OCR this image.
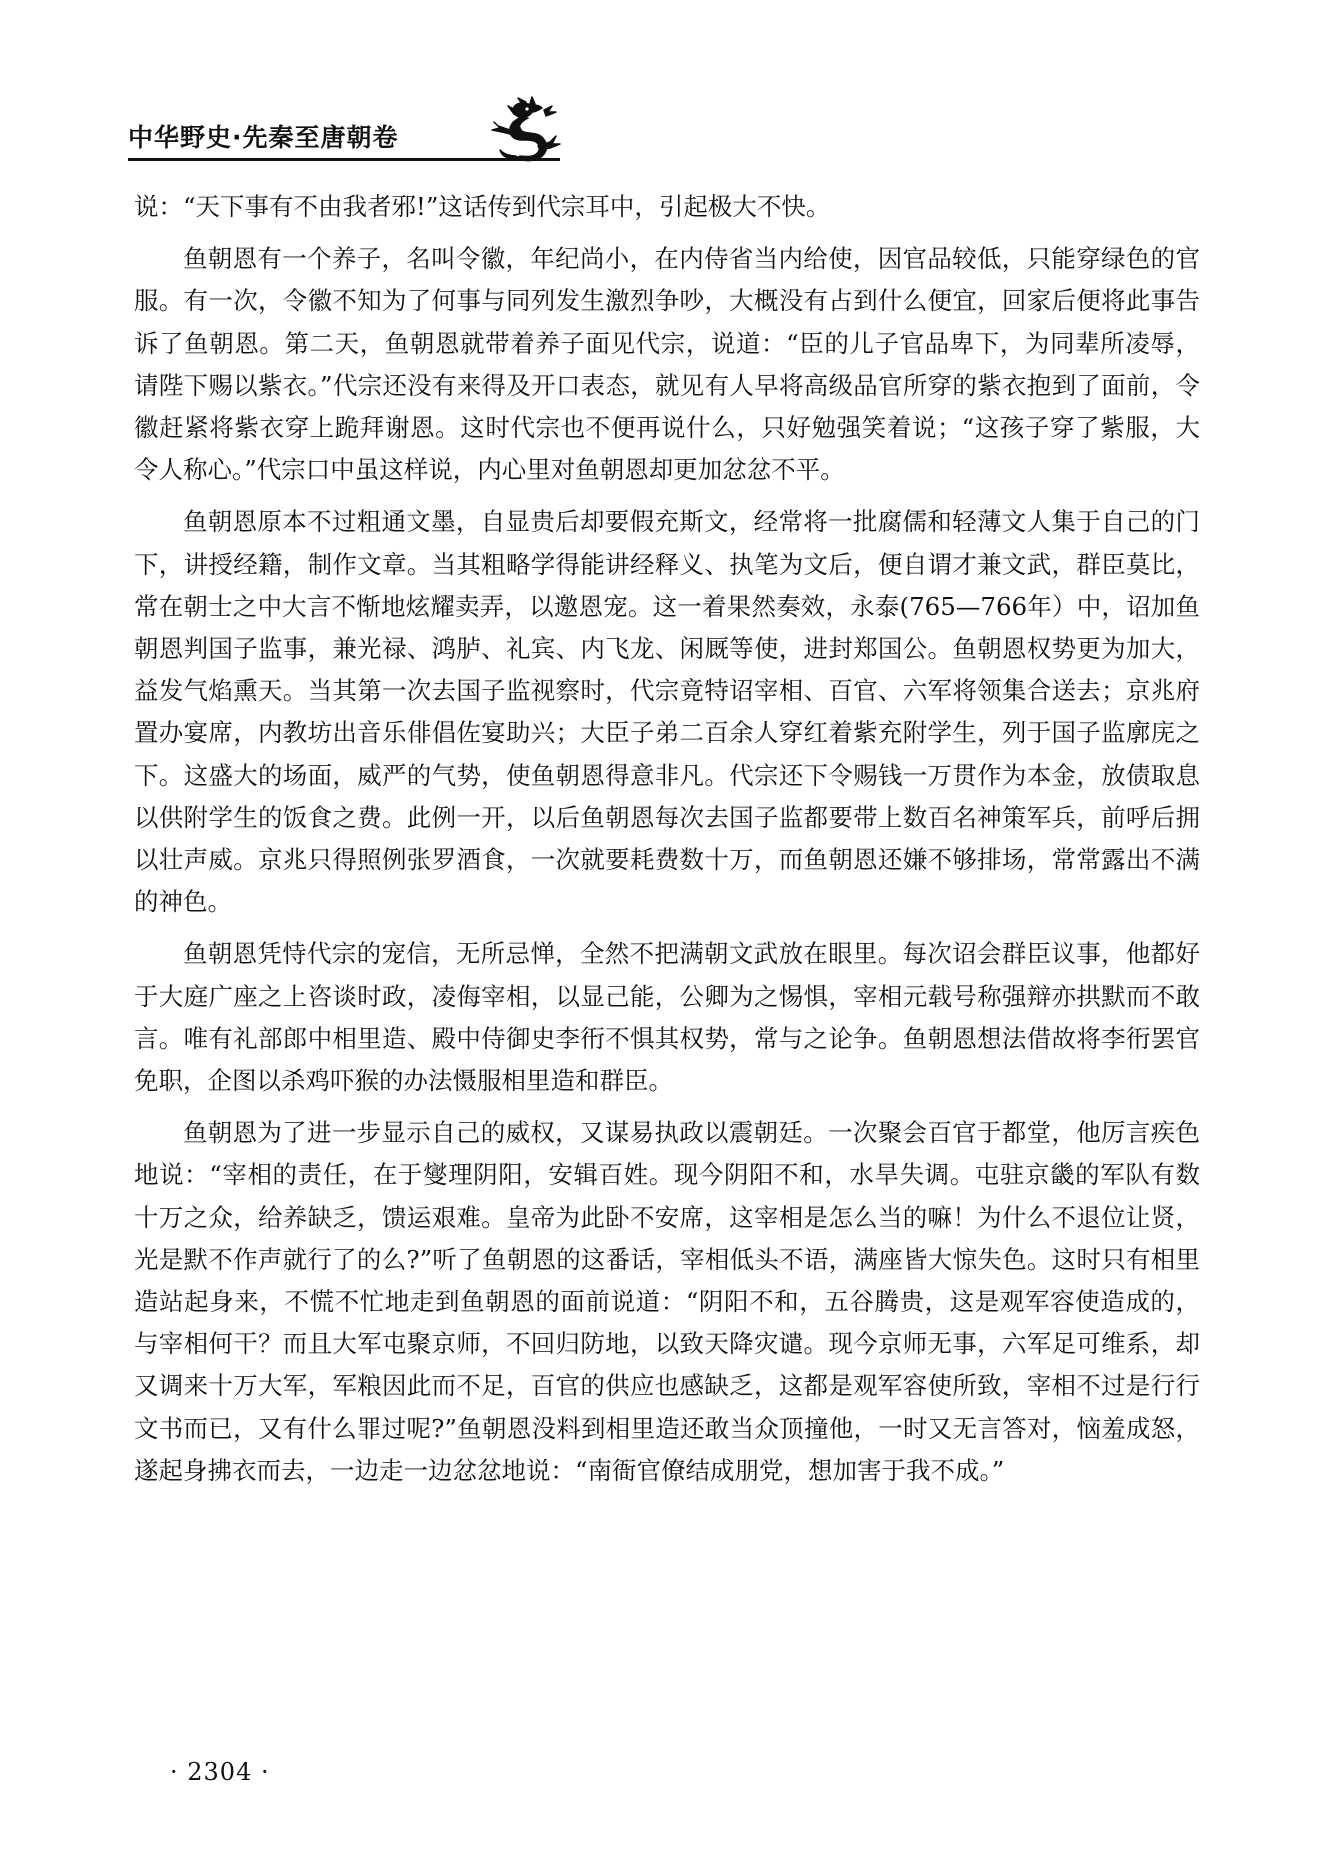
中华野史·先秦至唐朝卷

说：“天下事有不由我者邪!”这话传到代宗耳中，引起极大不快。

鱼朝恩有一个养子，名叫令徽，年纪尚小，在内侍省当内给使，因官品较低，只能穿绿色的官服。有一次，令徽不知为了何事与同列发生激烈争吵，大概没有占到什么便宜，回家后便将此事告诉了鱼朝恩。第二天，鱼朝恩就带着养子面见代宗，说道：“臣的儿子官品卑下，为同辈所凌辱，请陛下赐以紫衣。”代宗还没有来得及开口表态，就见有人早将高级品官所穿的紫衣抱到了面前，令徽赶紧将紫衣穿上跪拜谢恩。这时代宗也不便再说什么，只好勉强笑着说；“这孩子穿了紫服，大令人称心。”代宗口中虽这样说，内心里对鱼朝恩却更加忿忿不平。

鱼朝恩原本不过粗通文墨，自显贵后却要假充斯文，经常将一批腐儒和轻薄文人集于自己的门下，讲授经籍，制作文章。当其粗略学得能讲经释义、执笔为文后，便自谓才兼文武，群臣莫比，常在朝士之中大言不惭地炫耀卖弄，以邀恩宠。这一着果然奏效，永泰(765—766年）中，诏加鱼朝恩判国子监事，兼光禄、鸿胪、礼宾、内飞龙、闲厩等使，进封郑国公。鱼朝恩权势更为加大，益发气焰熏天。当其第一次去国子监视察时，代宗竟特诏宰相、百官、六军将领集合送去；京兆府置办宴席，内教坊出音乐俳倡佐宴助兴；大臣子弟二百余人穿红着紫充附学生，列于国子监廓庑之下。这盛大的场面，威严的气势，使鱼朝恩得意非凡。代宗还下令赐钱一万贯作为本金，放债取息以供附学生的饭食之费。此例一开，以后鱼朝恩每次去国子监都要带上数百名神策军兵，前呼后拥以壮声威。京兆只得照例张罗酒食，一次就要耗费数十万，而鱼朝恩还嫌不够排场，常常露出不满的神色。

鱼朝恩凭恃代宗的宠信，无所忌惮，全然不把满朝文武放在眼里。每次诏会群臣议事，他都好于大庭广座之上咨谈时政，凌侮宰相，以显己能，公卿为之惕惧，宰相元载号称强辩亦拱默而不敢言。唯有礼部郎中相里造、殿中侍御史李衎不惧其权势，常与之论争。鱼朝恩想法借故将李衎罢官免职，企图以杀鸡吓猴的办法慑服相里造和群臣。

鱼朝恩为了进一步显示自己的威权，又谋易执政以震朝廷。一次聚会百官于都堂，他厉言疾色地说：“宰相的责任，在于燮理阴阳，安辑百姓。现今阴阳不和，水旱失调。屯驻京畿的军队有数十万之众，给养缺乏，馈运艰难。皇帝为此卧不安席，这宰相是怎么当的嘛！为什么不退位让贤，光是默不作声就行了的么?”听了鱼朝恩的这番话，宰相低头不语，满座皆大惊失色。这时只有相里造站起身来，不慌不忙地走到鱼朝恩的面前说道：“阴阳不和，五谷腾贵，这是观军容使造成的，与宰相何干？而且大军屯聚京师，不回归防地，以致天降灾谴。现今京师无事，六军足可维系，却又调来十万大军，军粮因此而不足，百官的供应也感缺乏，这都是观军容使所致，宰相不过是行行文书而已，又有什么罪过呢?”鱼朝恩没料到相里造还敢当众顶撞他，一时又无言答对，恼羞成怒，遂起身拂衣而去，一边走一边忿忿地说：“南衙官僚结成朋党，想加害于我不成。”

· 2304 ·
